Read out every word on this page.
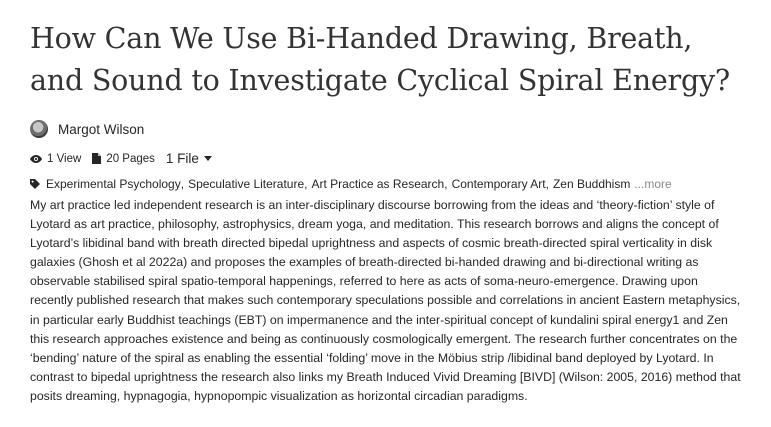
How Can We Use Bi-Handed Drawing, Breath, and Sound to Investigate Cyclical Spiral Energy?
Margot Wilson
1 View 20 Pages 1 File
Experimental Psychology , Speculative Literature , Art Practice as Research , Contemporary Art , Zen Buddhism ...more

My art practice led independent research is an inter-disciplinary discourse borrowing from the ideas and ‘theory-fiction’ style of Lyotard as art practice, philosophy, astrophysics, dream yoga, and meditation. This research borrows and aligns the concept of Lyotard’s libidinal band with breath directed bipedal uprightness and aspects of cosmic breath-directed spiral verticality in disk galaxies (Ghosh et al 2022a) and proposes the examples of breath-directed bi-handed drawing and bi-directional writing as observable stabilised spiral spatio-temporal happenings, referred to here as acts of soma-neuro-emergence. Drawing upon recently published research that makes such contemporary speculations possible and correlations in ancient Eastern metaphysics, in particular early Buddhist teachings (EBT) on impermanence and the inter-spiritual concept of kundalini spiral energy1 and Zen this research approaches existence and being as continuously cosmologically emergent. The research further concentrates on the ‘bending’ nature of the spiral as enabling the essential ‘folding’ move in the Möbius strip /libidinal band deployed by Lyotard. In contrast to bipedal uprightness the research also links my Breath Induced Vivid Dreaming [BIVD] (Wilson: 2005, 2016) method that posits dreaming, hypnagogia, hypnopompic visualization as horizontal circadian paradigms.
